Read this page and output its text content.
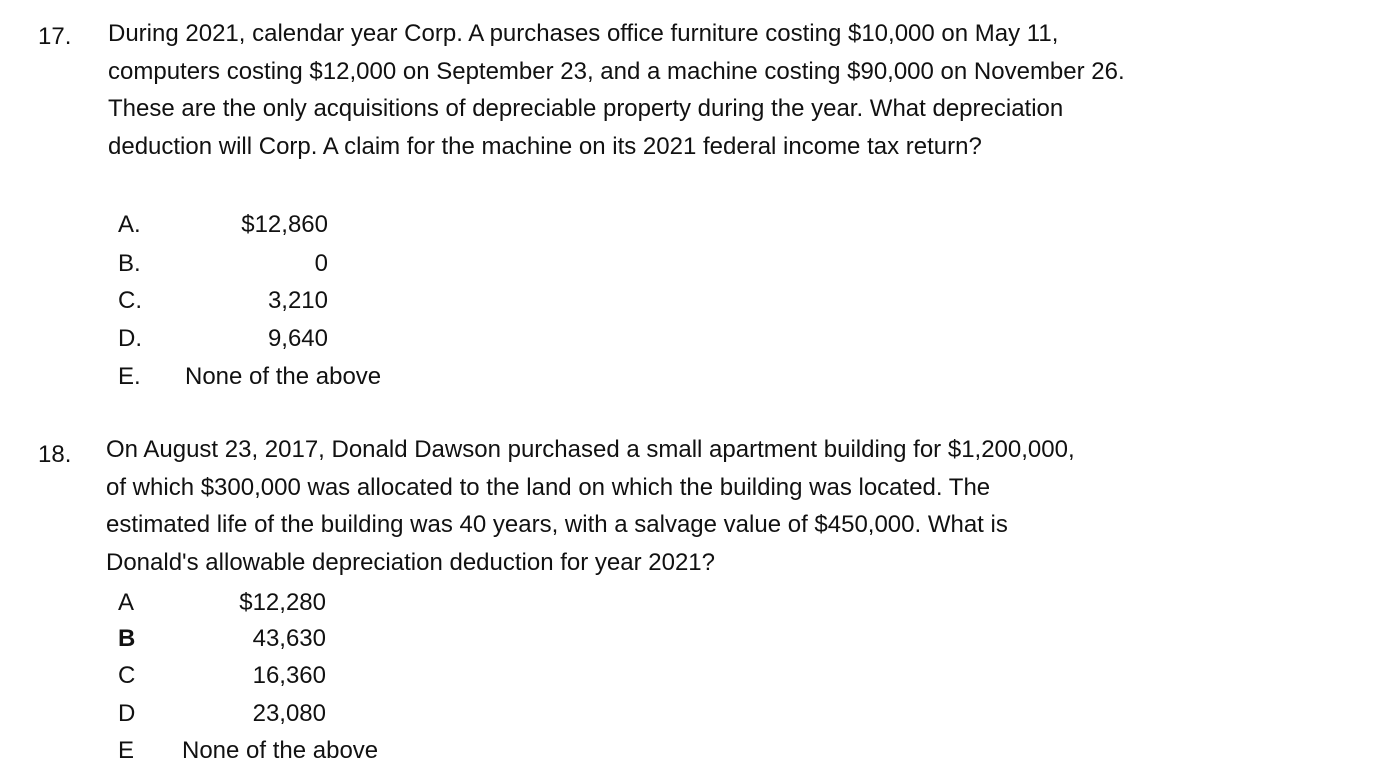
17. During 2021, calendar year Corp. A purchases office furniture costing $10,000 on May 11,
computers costing $12,000 on September 23, and a machine costing $90,000 on November 26.
These are the only acquisitions of depreciable property during the year. What depreciation
deduction will Corp. A claim for the machine on its 2021 federal income tax return?
A.	$12,860
B.	0
C.	3,210
D.	9,640
E. None of the above
18. On August 23, 2017, Donald Dawson purchased a small apartment building for $1,200,000,
of which $300,000 was allocated to the land on which the building was located. The
estimated life of the building was 40 years, with a salvage value of $450,000. What is
Donald's allowable depreciation deduction for year 2021?
A	$12,280
B	43,630
C	16,360
D	23,080
E None of the above
